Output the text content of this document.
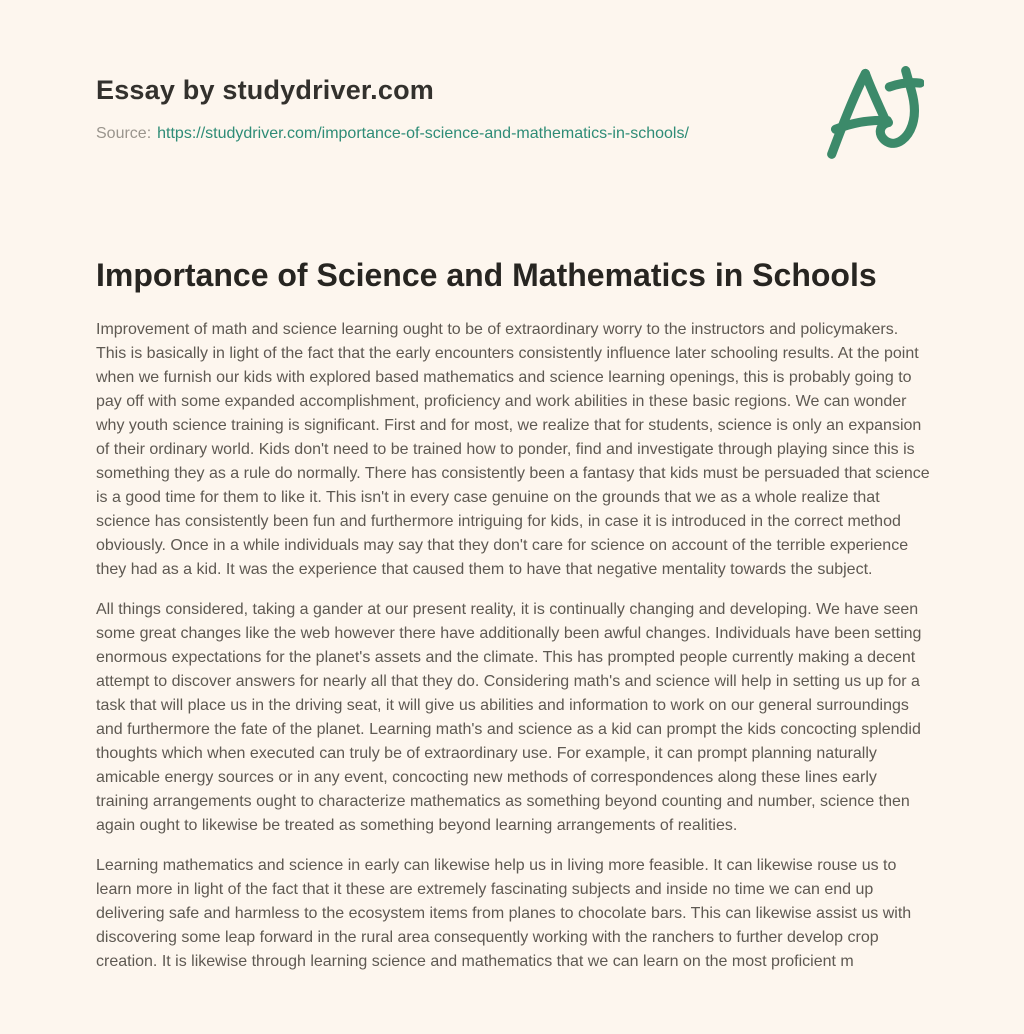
Essay by studydriver.com
Source: https://studydriver.com/importance-of-science-and-mathematics-in-schools/
Importance of Science and Mathematics in Schools

Improvement of math and science learning ought to be of extraordinary worry to the instructors and policymakers. This is basically in light of the fact that the early encounters consistently influence later schooling results. At the point when we furnish our kids with explored based mathematics and science learning openings, this is probably going to pay off with some expanded accomplishment, proficiency and work abilities in these basic regions. We can wonder why youth science training is significant. First and for most, we realize that for students, science is only an expansion of their ordinary world. Kids don't need to be trained how to ponder, find and investigate through playing since this is something they as a rule do normally. There has consistently been a fantasy that kids must be persuaded that science is a good time for them to like it. This isn't in every case genuine on the grounds that we as a whole realize that science has consistently been fun and furthermore intriguing for kids, in case it is introduced in the correct method obviously. Once in a while individuals may say that they don't care for science on account of the terrible experience they had as a kid. It was the experience that caused them to have that negative mentality towards the subject.

All things considered, taking a gander at our present reality, it is continually changing and developing. We have seen some great changes like the web however there have additionally been awful changes. Individuals have been setting enormous expectations for the planet's assets and the climate. This has prompted people currently making a decent attempt to discover answers for nearly all that they do. Considering math's and science will help in setting us up for a task that will place us in the driving seat, it will give us abilities and information to work on our general surroundings and furthermore the fate of the planet. Learning math's and science as a kid can prompt the kids concocting splendid thoughts which when executed can truly be of extraordinary use. For example, it can prompt planning naturally amicable energy sources or in any event, concocting new methods of correspondences along these lines early training arrangements ought to characterize mathematics as something beyond counting and number, science then again ought to likewise be treated as something beyond learning arrangements of realities.

Learning mathematics and science in early can likewise help us in living more feasible. It can likewise rouse us to learn more in light of the fact that it these are extremely fascinating subjects and inside no time we can end up delivering safe and harmless to the ecosystem items from planes to chocolate bars. This can likewise assist us with discovering some leap forward in the rural area consequently working with the ranchers to further develop crop creation. It is likewise through learning science and mathematics that we can learn on the most proficient m
